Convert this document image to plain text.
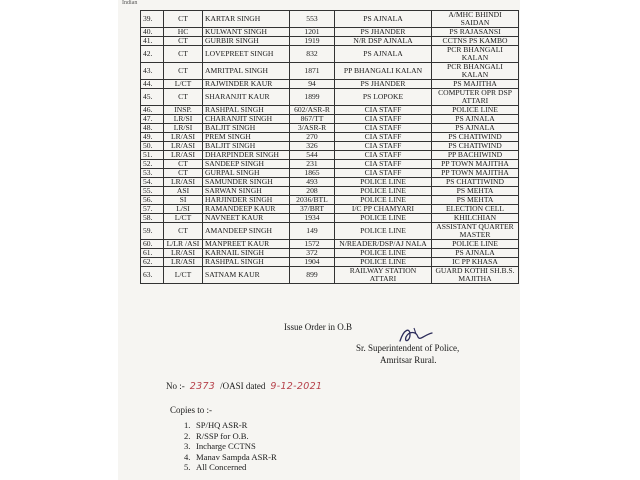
Indian
39.	CT	KARTAR SINGH	553	PS AJNALA	A/MHC BHINDI SAIDAN
40.	HC	KULWANT SINGH	1201	PS JHANDER	PS RAJASANSI
41.	CT	GURBIR SINGH	1919	N/R DSP AJNALA	CCTNS PS KAMBO
42.	CT	LOVEPREET SINGH	832	PS AJNALA	PCR BHANGALI KALAN
43.	CT	AMRITPAL SINGH	1871	PP BHANGALI KALAN	PCR BHANGALI KALAN
44.	L/CT	RAJWINDER KAUR	94	PS JHANDER	PS MAJITHA
45.	CT	SHARANJIT KAUR	1899	PS LOPOKE	COMPUTER OPR DSP ATTARI
46.	INSP.	RASHPAL SINGH	602/ASR-R	CIA STAFF	POLICE LINE
47.	LR/SI	CHARANJIT SINGH	867/TT	CIA STAFF	PS AJNALA
48.	LR/SI	BALJIT SINGH	3/ASR-R	CIA STAFF	PS AJNALA
49.	LR/ASI	PREM SINGH	270	CIA STAFF	PS CHATIWIND
50.	LR/ASI	BALJIT SINGH	326	CIA STAFF	PS CHATIWIND
51.	LR/ASI	DHARPINDER SINGH	544	CIA STAFF	PP BACHIWIND
52.	CT	SANDEEP SINGH	231	CIA STAFF	PP TOWN MAJITHA
53.	CT	GURPAL SINGH	1865	CIA STAFF	PP TOWN MAJITHA
54.	LR/ASI	SAMUNDER SINGH	493	POLICE LINE	PS CHATTIWIND
55.	ASI	SARWAN SINGH	208	POLICE LINE	PS MEHTA
56.	SI	HARJINDER SINGH	2036/BTL	POLICE LINE	PS MEHTA
57.	L/SI	RAMANDEEP KAUR	37/BRT	I/C PP CHAMYARI	ELECTION CELL
58.	L/CT	NAVNEET KAUR	1934	POLICE LINE	KHILCHIAN
59.	CT	AMANDEEP SINGH	149	POLICE LINE	ASSISTANT QUARTER MASTER
60.	L/LR /ASI	MANPREET KAUR	1572	N/READER/DSP/AJ NALA	POLICE LINE
61.	LR/ASI	KARNAIL SINGH	372	POLICE LINE	PS AJNALA
62.	LR/ASI	RASHPAL SINGH	1904	POLICE LINE	IC PP KHASA
63.	L/CT	SATNAM KAUR	899	RAILWAY STATION ATTARI	GUARD KOTHI SH.B.S. MAJITHA
Issue Order in O.B
Sr. Superintendent of Police,
Amritsar Rural.
No :- 2373 /OASI dated 9-12-2021
Copies to :-
1. SP/HQ ASR-R
2. R/SSP for O.B.
3. Incharge CCTNS
4. Manav Sampda ASR-R
5. All Concerned
